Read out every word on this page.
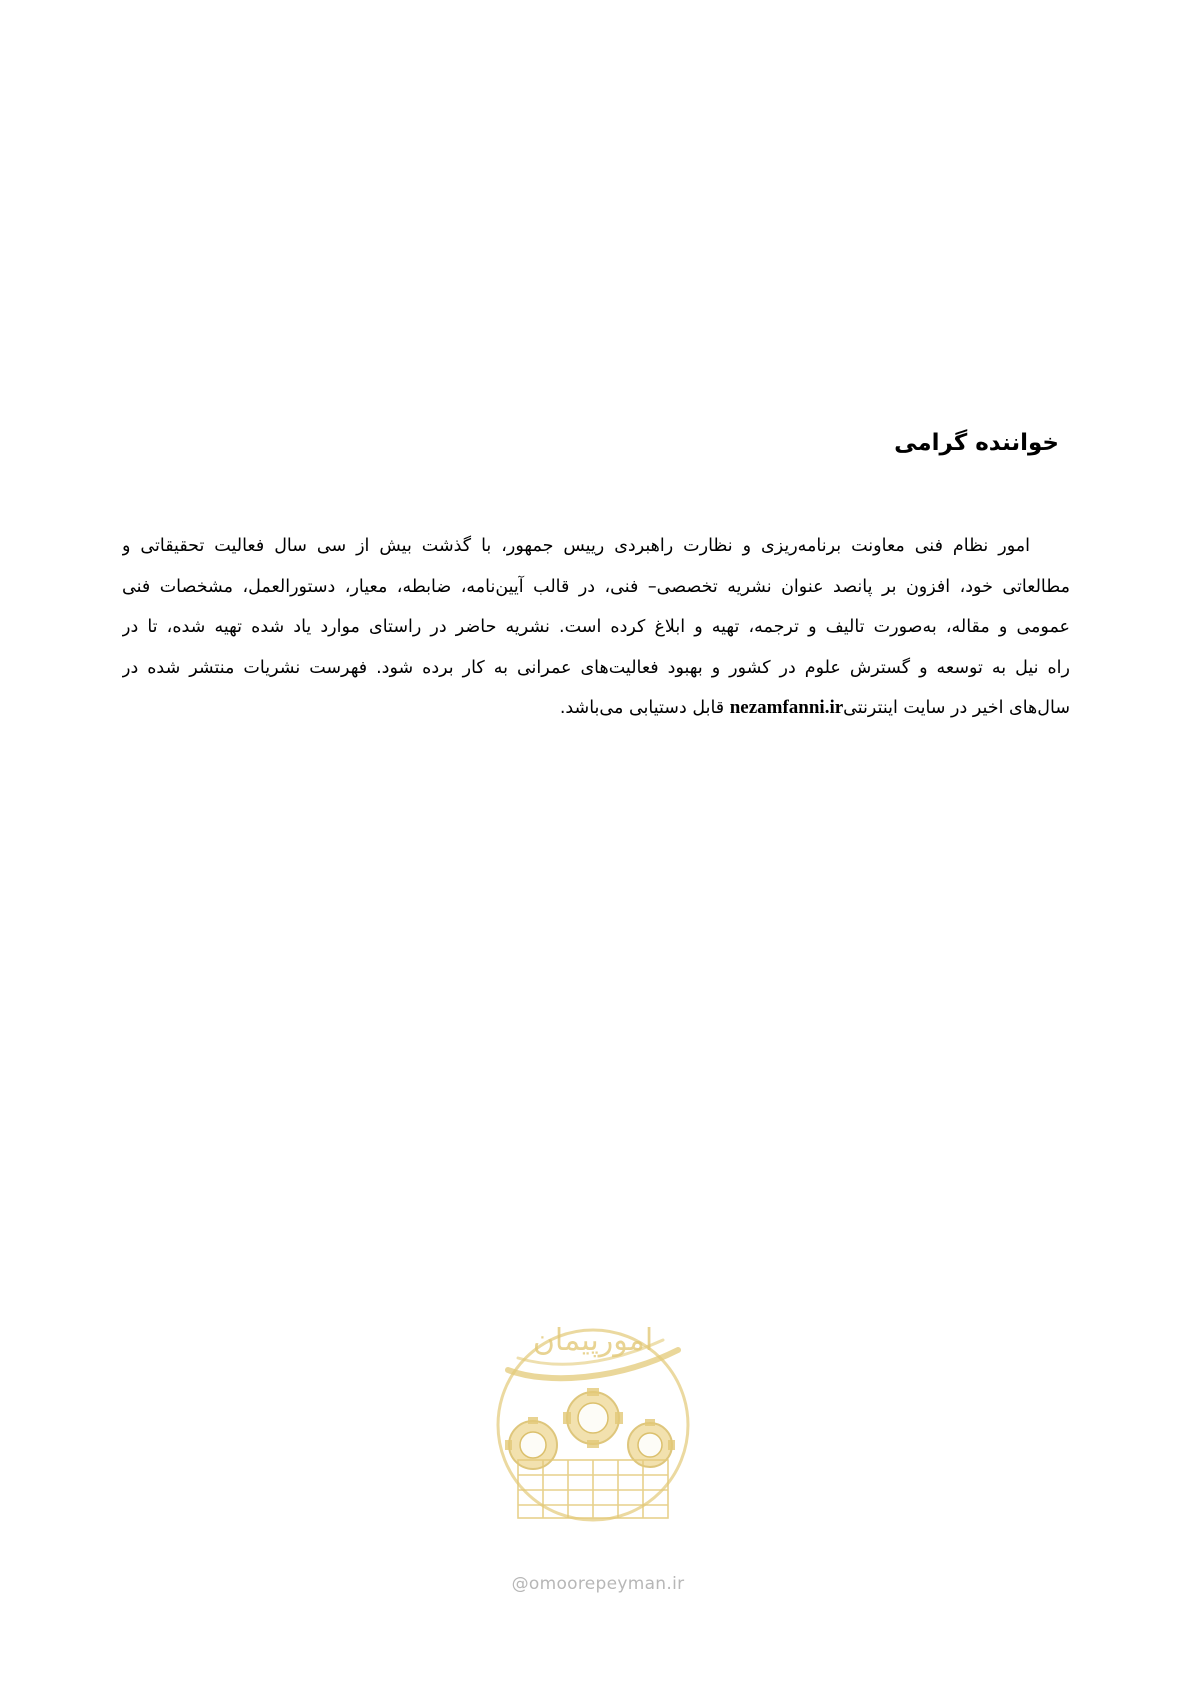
خواننده گرامی
امور نظام فنی معاونت برنامه‌ریزی و نظارت راهبردی رییس جمهور، با گذشت بیش از سی سال فعالیت تحقیقاتی و
مطالعاتی خود، افزون بر پانصد عنوان نشریه تخصصی– فنی، در قالب آیین‌نامه، ضابطه، معیار، دستورالعمل، مشخصات فنی
عمومی و مقاله، به‌صورت تالیف و ترجمه، تهیه و ابلاغ کرده است. نشریه حاضر در راستای موارد یاد شده تهیه شده، تا در
راه نیل به توسعه و گسترش علوم در کشور و بهبود فعالیت‌های عمرانی به کار برده شود. فهرست نشریات منتشر شده در
سال‌های اخیر در سایت اینترنتیnezamfanni.ir قابل دستیابی می‌باشد.
امورپیمان
@omoorepeyman.ir
